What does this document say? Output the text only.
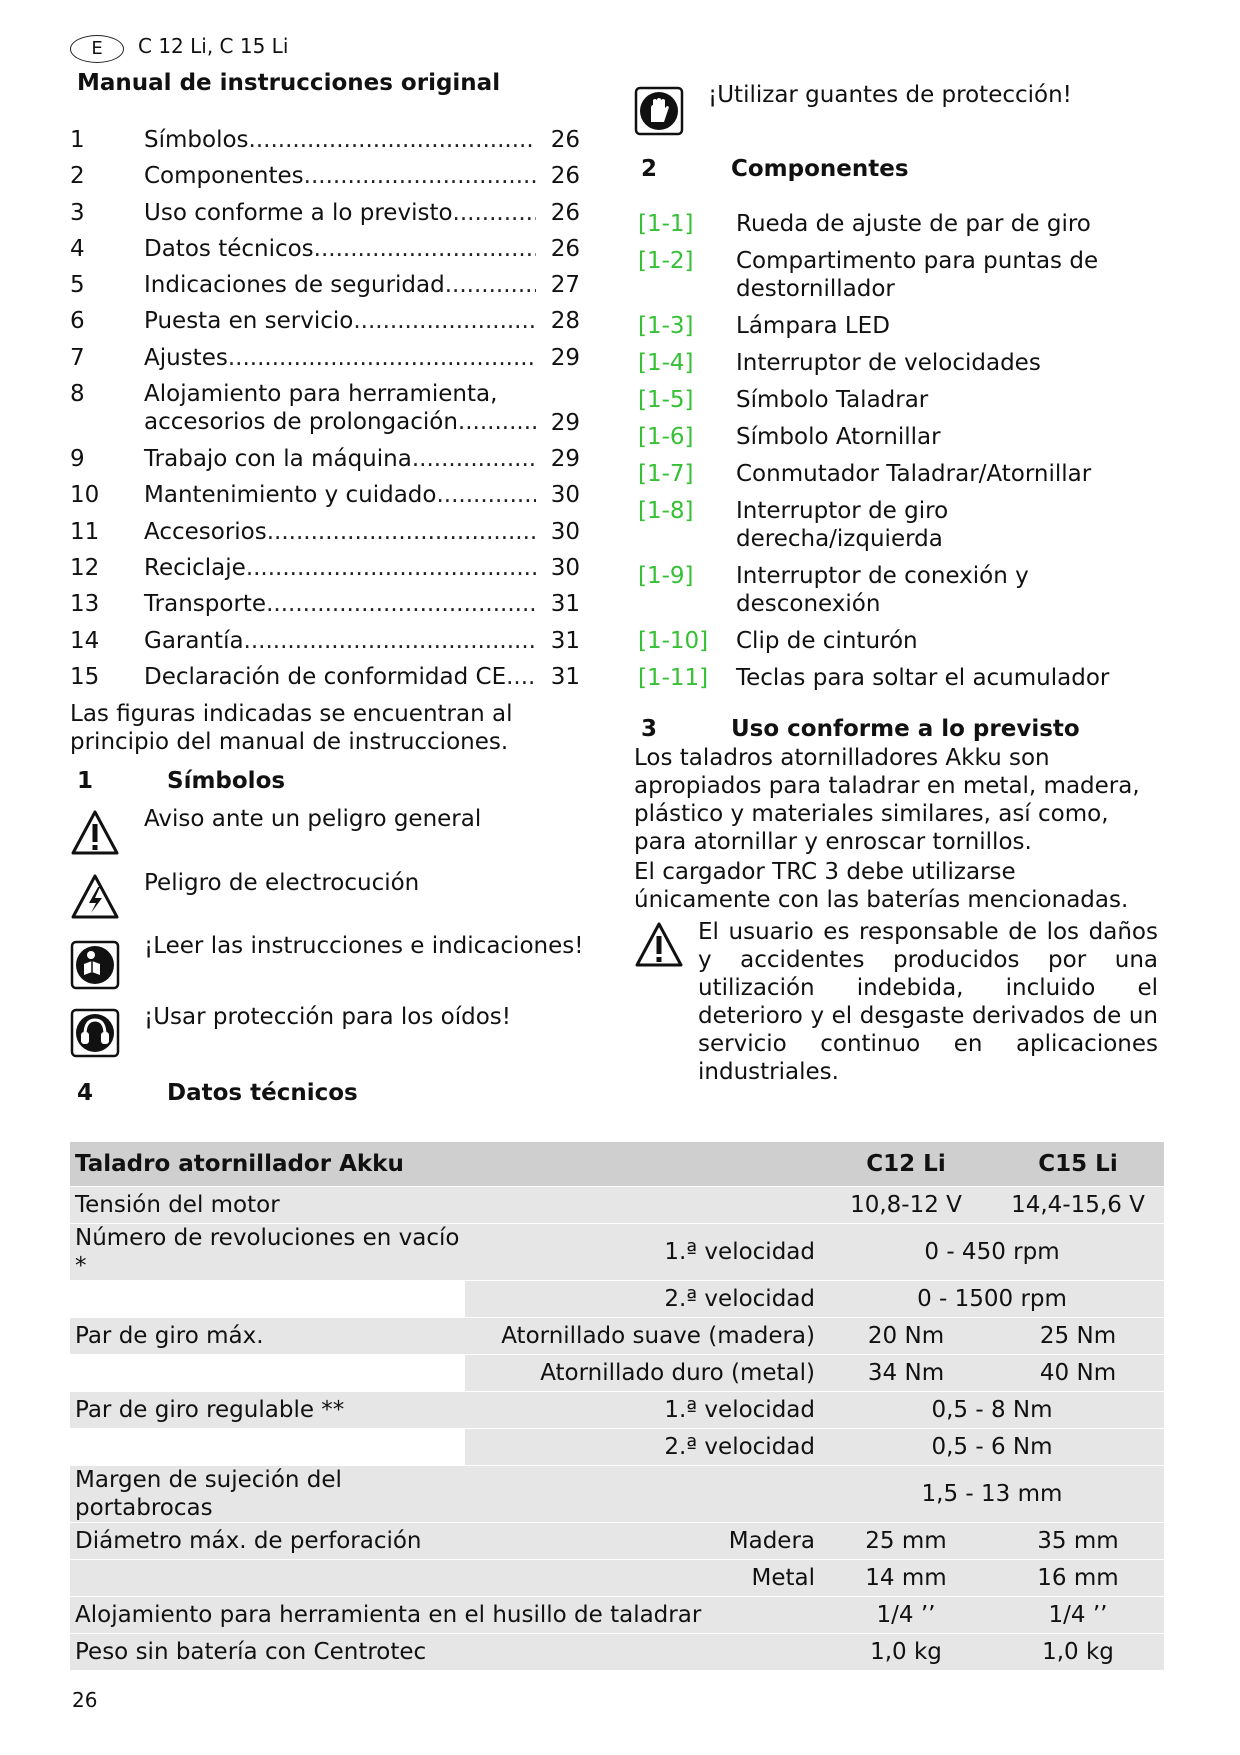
E	C 12 Li, C 15 Li
Manual de instrucciones original
1	Símbolos .....	26
2	Componentes .....	26
3	Uso conforme a lo previsto .....	26
4	Datos técnicos .....	26
5	Indicaciones de seguridad .....	27
6	Puesta en servicio .....	28
7	Ajustes .....	29
8	Alojamiento para herramienta,
accesorios de prolongación .....	29
9	Trabajo con la máquina .....	29
10 Mantenimiento y cuidado .....	30
11 Accesorios .....	30
12 Reciclaje .....	30
13 Transporte .....	31
14 Garantía .....	31
15 Declaración de conformidad CE ..... 31
Las figuras indicadas se encuentran al principio del manual de instrucciones.
1	Símbolos
Aviso ante un peligro general
Peligro de electrocución
¡Leer las instrucciones e indicaciones!
¡Usar protección para los oídos!
4	Datos técnicos
¡Utilizar guantes de protección!
2	Componentes
[1-1] Rueda de ajuste de par de giro
[1-2] Compartimento para puntas de destornillador
[1-3] Lámpara LED
[1-4] Interruptor de velocidades
[1-5] Símbolo Taladrar
[1-6] Símbolo Atornillar
[1-7] Conmutador Taladrar/Atornillar
[1-8] Interruptor de giro derecha/izquierda
[1-9] Interruptor de conexión y desconexión
[1-10] Clip de cinturón
[1-11] Teclas para soltar el acumulador
3	Uso conforme a lo previsto
Los taladros atornilladores Akku son apropiados para taladrar en metal, madera, plástico y materiales similares, así como, para atornillar y enroscar tornillos.
El cargador TRC 3 debe utilizarse únicamente con las baterías mencionadas.
El usuario es responsable de los daños y accidentes producidos por una utilización indebida, incluido el deterioro y el desgaste derivados de un servicio continuo en aplicaciones industriales.
Taladro atornillador Akku		C12 Li	C15 Li
Tensión del motor		10,8-12 V	14,4-15,6 V
Número de revoluciones en vacío *	1.ª velocidad	0 - 450 rpm	
	2.ª velocidad	0 - 1500 rpm	
Par de giro máx.	Atornillado suave (madera)	20 Nm	25 Nm
	Atornillado duro (metal)	34 Nm	40 Nm
Par de giro regulable **	1.ª velocidad	0,5 - 8 Nm	
	2.ª velocidad	0,5 - 6 Nm	
Margen de sujeción del portabrocas		1,5 - 13 mm	
Diámetro máx. de perforación	Madera	25 mm	35 mm
	Metal	14 mm	16 mm
Alojamiento para herramienta en el husillo de taladrar		1/4 ’’	1/4 ’’
Peso sin batería con Centrotec		1,0 kg	1,0 kg
26
